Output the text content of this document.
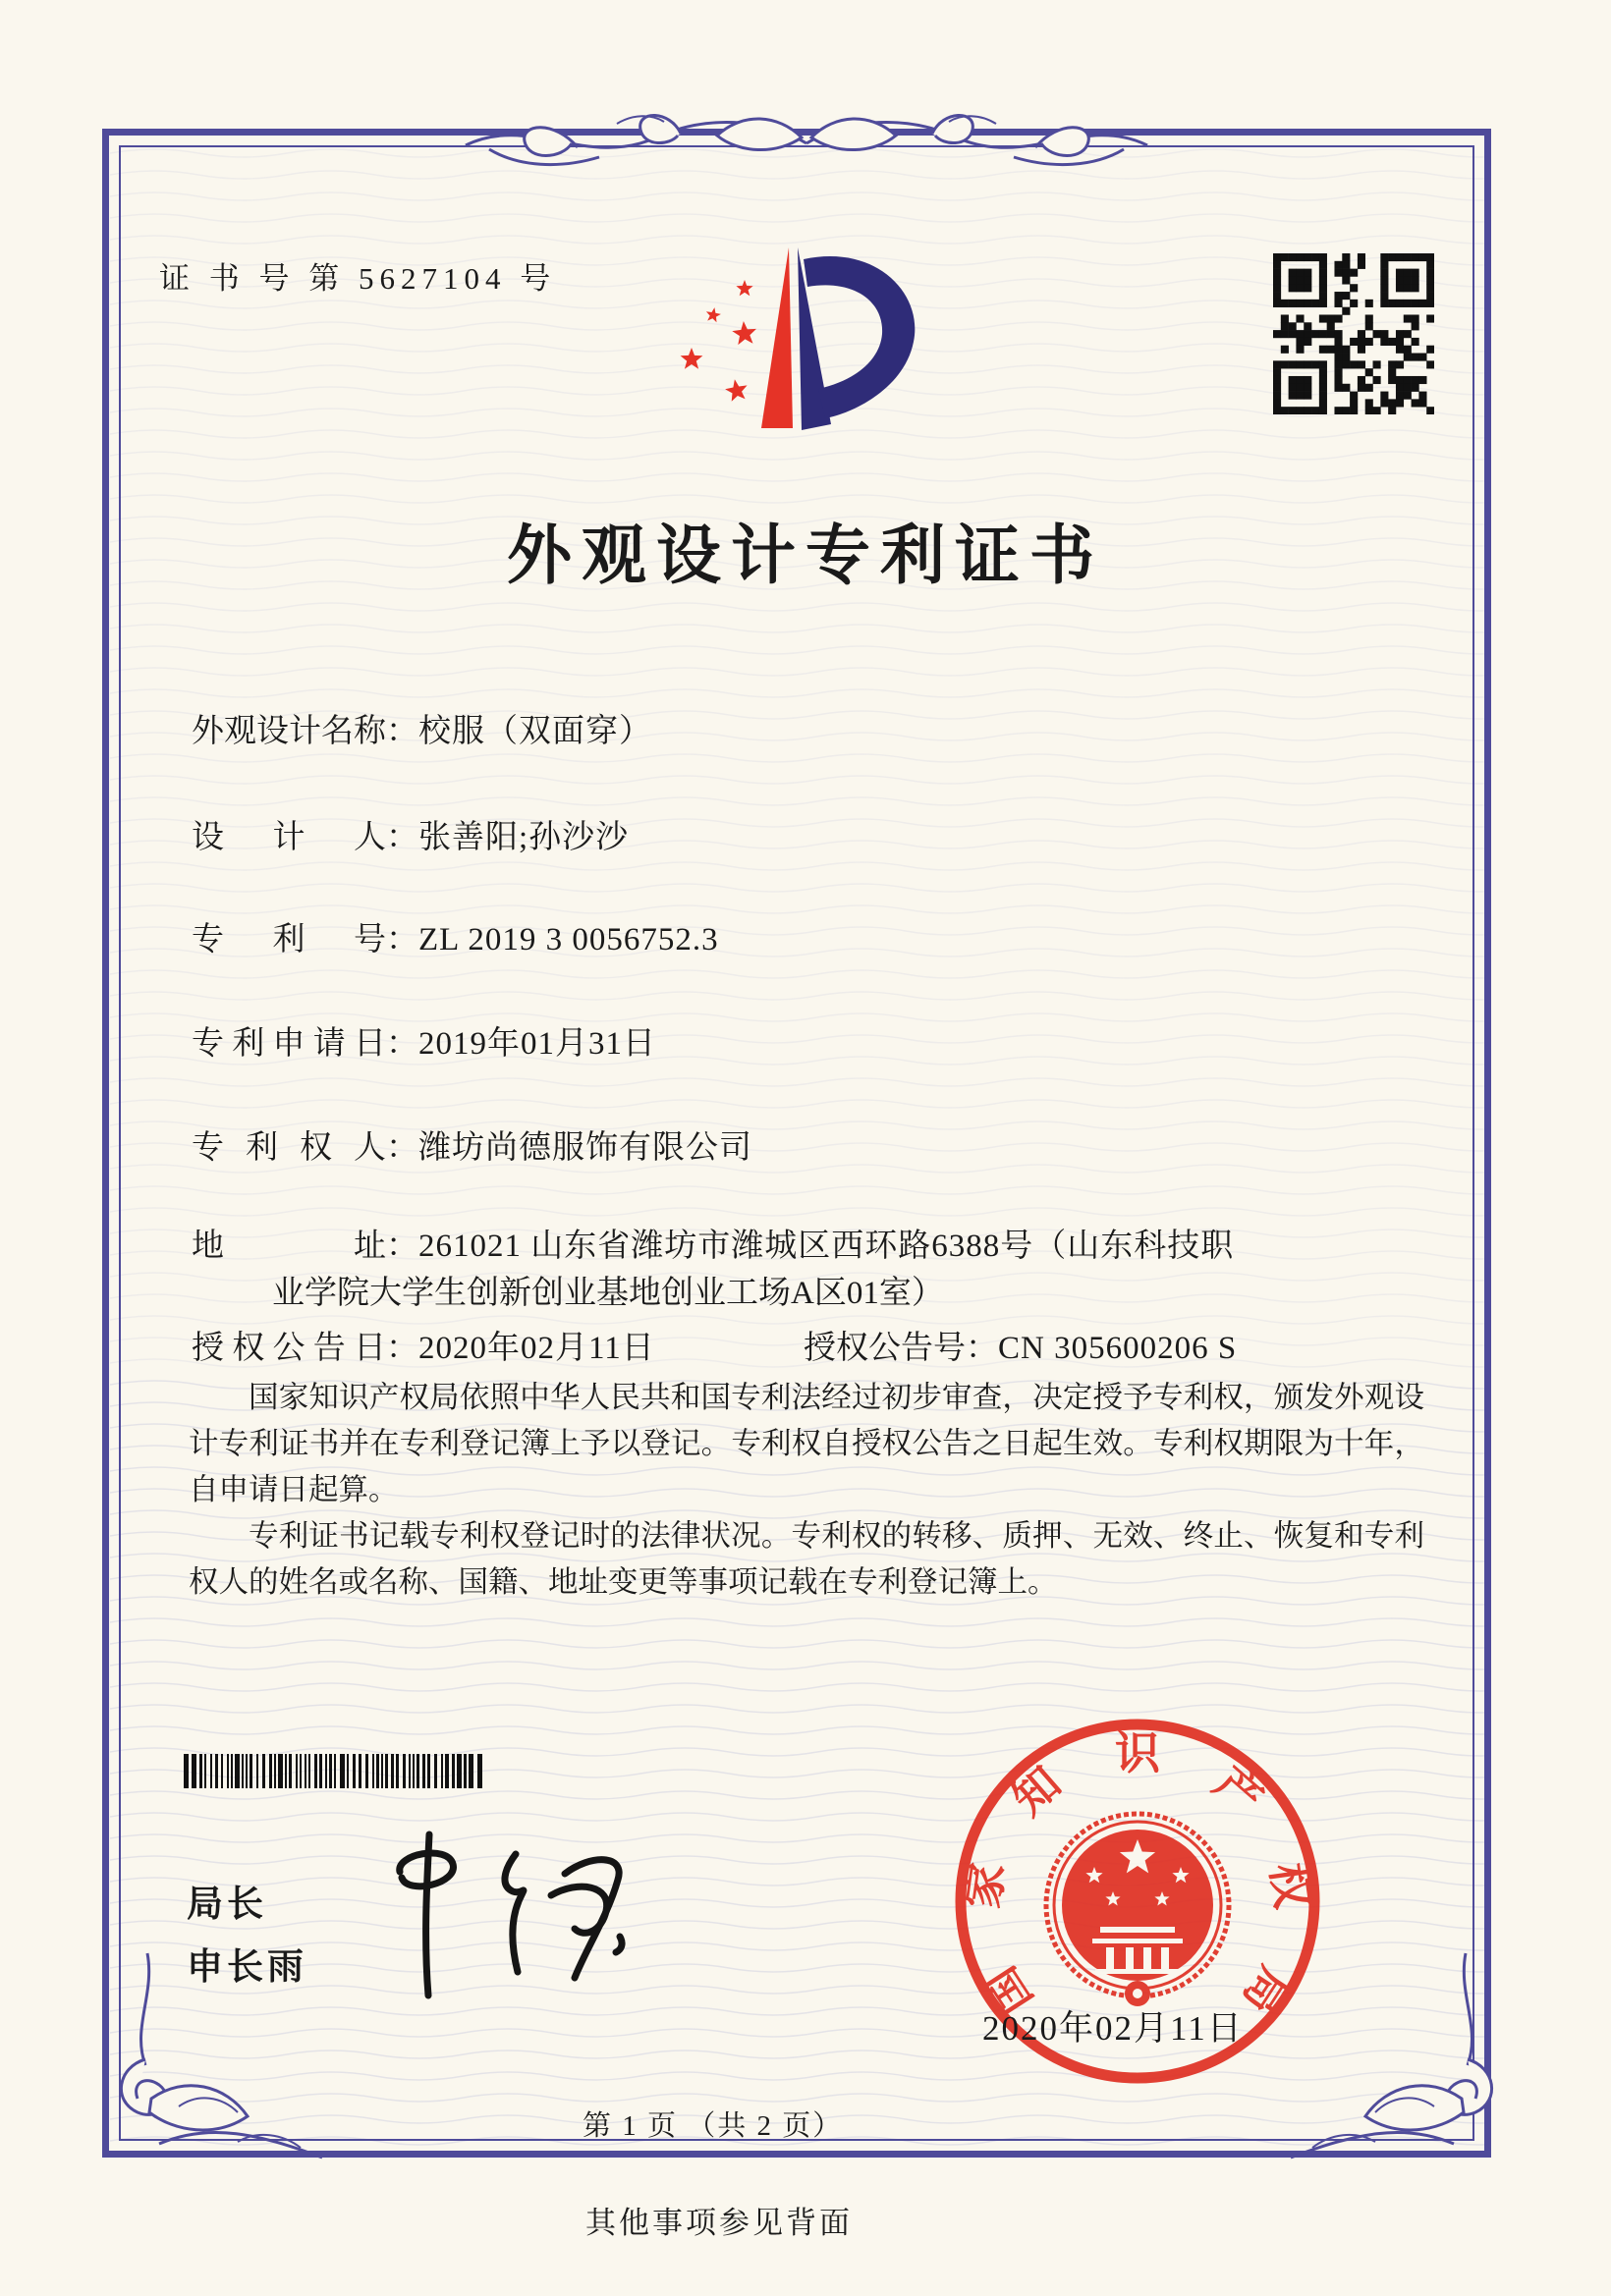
证 书 号 第 5627104 号
外观设计专利证书
外观设计名称：校服（双面穿）
设计人：张善阳;孙沙沙
专利号：ZL 2019 3 0056752.3
专利申请日：2019年01月31日
专利权人：潍坊尚德服饰有限公司
地址：261021 山东省潍坊市潍城区西环路6388号（山东科技职
业学院大学生创新创业基地创业工场A区01室）
授权公告日：2020年02月11日	授权公告号：CN 305600206 S

国家知识产权局依照中华人民共和国专利法经过初步审查，决定授予专利权，颁发外观设计专利证书并在专利登记簿上予以登记。专利权自授权公告之日起生效。专利权期限为十年，自申请日起算。

专利证书记载专利权登记时的法律状况。专利权的转移、质押、无效、终止、恢复和专利权人的姓名或名称、国籍、地址变更等事项记载在专利登记簿上。

局长
申长雨	国
家
知
识
产
权
局
2020年02月11日
第 1 页 （共 2 页）
其他事项参见背面
